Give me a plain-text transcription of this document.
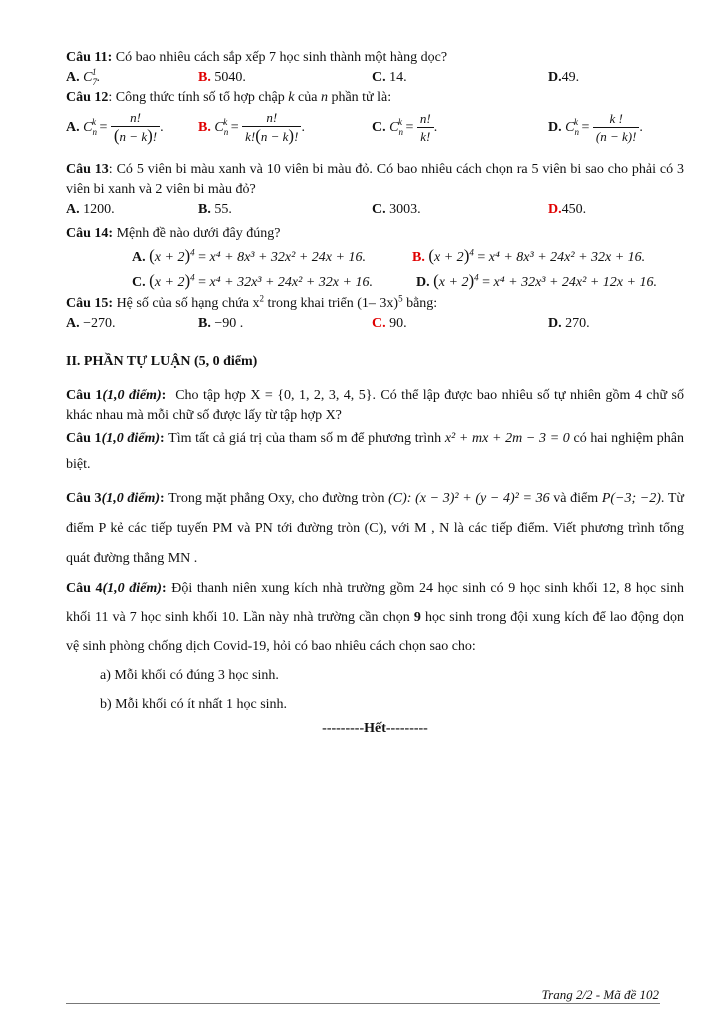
Câu 11: Có bao nhiêu cách sắp xếp 7 học sinh thành một hàng dọc?
A. $C_7^1$.	B. 5040.	C. 14.	D.49.
Câu 12: Công thức tính số tổ hợp chập k của n phần tử là:
A. $C_n^k = \frac{n!}{(n - k)!}$ . B. $C_n^k = \frac{n!}{k!(n - k)!}$ .	C. $C_n^k = \frac{n!}{k!}$ .	D. $C_n^k = \frac{k !}{(n - k)!}$ .
Câu 13: Có 5 viên bi màu xanh và 10 viên bi màu đỏ. Có bao nhiêu cách chọn ra 5 viên bi sao cho phải có 3 viên bi xanh và 2 viên bi màu đỏ?
A. 1200.	B. 55.	C. 3003.	D.450.
Câu 14: Mệnh đề nào dưới đây đúng?
A. $(x + 2)^4 = x^4 + 8x^3 + 32x^2 + 24x + 16$.	B. $(x + 2)^4 = x^4 + 8x^3 + 24x^2 + 32x + 16$.
C. $(x + 2)^4 = x^4 + 32x^3 + 24x^2 + 32x + 16$.	D. $(x + 2)^4 = x^4 + 32x^3 + 24x^2 + 12x + 16$.
Câu 15: Hệ số của số hạng chứa $x^2$ trong khai triển (1– 3x)$^5$ bằng:
A. −270.	B. −90 .	C. 90.	D. 270.
II. PHẦN TỰ LUẬN (5, 0 điểm)
Câu 1(1,0 điểm): Cho tập hợp X = {0, 1, 2, 3, 4, 5}. Có thể lập được bao nhiêu số tự nhiên gồm 4 chữ số khác nhau mà mỗi chữ số được lấy từ tập hợp X?
Câu 1(1,0 điểm): Tìm tất cả giá trị của tham số m để phương trình x² + mx + 2m − 3 = 0 có hai nghiệm phân biệt.
Câu 3(1,0 điểm): Trong mặt phẳng Oxy, cho đường tròn (C): (x − 3)² + (y − 4)² = 36 và điểm P(−3; −2). Từ điểm P kẻ các tiếp tuyến PM và PN tới đường tròn (C), với M , N là các tiếp điểm. Viết phương trình tổng quát đường thẳng MN .
Câu 4(1,0 điểm): Đội thanh niên xung kích nhà trường gồm 24 học sinh có 9 học sinh khối 12, 8 học sinh khối 11 và 7 học sinh khối 10. Lần này nhà trường cần chọn 9 học sinh trong đội xung kích để lao động dọn vệ sinh phòng chống dịch Covid-19, hỏi có bao nhiêu cách chọn sao cho:
a) Mỗi khối có đúng 3 học sinh.
b) Mỗi khối có ít nhất 1 học sinh.
---------Hết---------
Trang 2/2 - Mã đề 102
